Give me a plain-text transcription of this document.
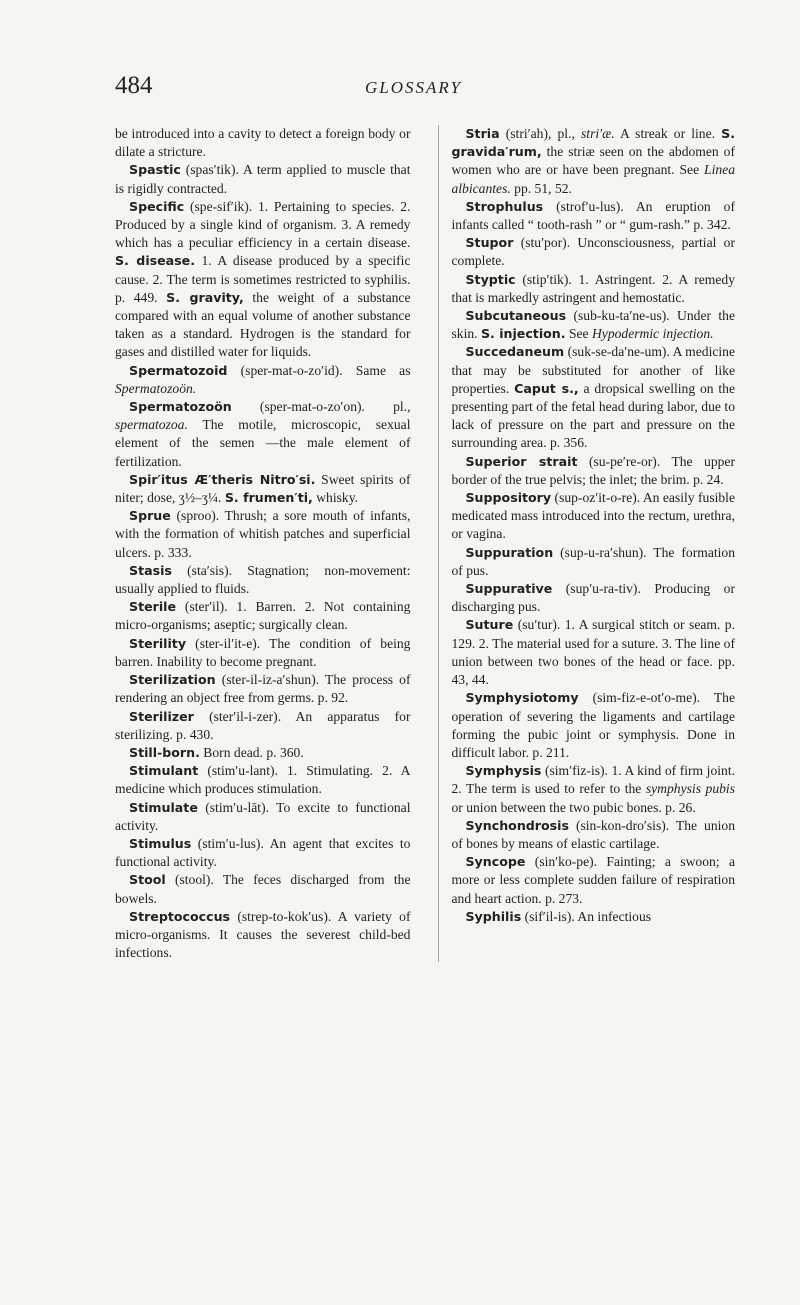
484	GLOSSARY

be introduced into a cavity to detect a foreign body or dilate a stricture.

Spastic (spas′tik). A term applied to muscle that is rigidly contracted.

Specific (spe-sif′ik). 1. Pertaining to species. 2. Produced by a single kind of organism. 3. A remedy which has a peculiar efficiency in a certain disease. S. disease. 1. A disease produced by a specific cause. 2. The term is sometimes restricted to syphilis. p. 449. S. gravity, the weight of a substance compared with an equal volume of another substance taken as a standard. Hydrogen is the standard for gases and distilled water for liquids.

Spermatozoid (sper-mat-o-zo′id). Same as Spermatozoön.

Spermatozoön (sper-mat-o-zo′on). pl., spermatozoa. The motile, microscopic, sexual element of the semen —the male element of fertilization.

Spir′itus Æ′theris Nitro′si. Sweet spirits of niter; dose, ʒ½–ʒ¼. S. frumen′ti, whisky.

Sprue (sproo). Thrush; a sore mouth of infants, with the formation of whitish patches and superficial ulcers. p. 333.

Stasis (sta′sis). Stagnation; non-movement: usually applied to fluids.

Sterile (ster′il). 1. Barren. 2. Not containing micro-organisms; aseptic; surgically clean.

Sterility (ster-il′it-e). The condition of being barren. Inability to become pregnant.

Sterilization (ster-il-iz-a′shun). The process of rendering an object free from germs. p. 92.

Sterilizer (ster′il-i-zer). An apparatus for sterilizing. p. 430.

Still-born. Born dead. p. 360.

Stimulant (stim′u-lant). 1. Stimulating. 2. A medicine which produces stimulation.

Stimulate (stim′u-lāt). To excite to functional activity.

Stimulus (stim′u-lus). An agent that excites to functional activity.

Stool (stool). The feces discharged from the bowels.

Streptococcus (strep-to-kok′us). A variety of micro-organisms. It causes the severest child-bed infections.

Stria (stri′ah), pl., stri′æ. A streak or line. S. gravida′rum, the striæ seen on the abdomen of women who are or have been pregnant. See Linea albicantes. pp. 51, 52.

Strophulus (strof′u-lus). An eruption of infants called “ tooth-rash ” or “ gum-rash.” p. 342.

Stupor (stu′por). Unconsciousness, partial or complete.

Styptic (stip′tik). 1. Astringent. 2. A remedy that is markedly astringent and hemostatic.

Subcutaneous (sub-ku-ta′ne-us). Under the skin. S. injection. See Hypodermic injection.

Succedaneum (suk-se-da′ne-um). A medicine that may be substituted for another of like properties. Caput s., a dropsical swelling on the presenting part of the fetal head during labor, due to lack of pressure on the part and pressure on the surrounding area. p. 356.

Superior strait (su-pe′re-or). The upper border of the true pelvis; the inlet; the brim. p. 24.

Suppository (sup-oz′it-o-re). An easily fusible medicated mass introduced into the rectum, urethra, or vagina.

Suppuration (sup-u-ra′shun). The formation of pus.

Suppurative (sup′u-ra-tiv). Producing or discharging pus.

Suture (su′tur). 1. A surgical stitch or seam. p. 129. 2. The material used for a suture. 3. The line of union between two bones of the head or face. pp. 43, 44.

Symphysiotomy (sim-fiz-e-ot′o-me). The operation of severing the ligaments and cartilage forming the pubic joint or symphysis. Done in difficult labor. p. 211.

Symphysis (sim′fiz-is). 1. A kind of firm joint. 2. The term is used to refer to the symphysis pubis or union between the two pubic bones. p. 26.

Synchondrosis (sin-kon-dro′sis). The union of bones by means of elastic cartilage.

Syncope (sin′ko-pe). Fainting; a swoon; a more or less complete sudden failure of respiration and heart action. p. 273.

Syphilis (sif′il-is). An infectious
